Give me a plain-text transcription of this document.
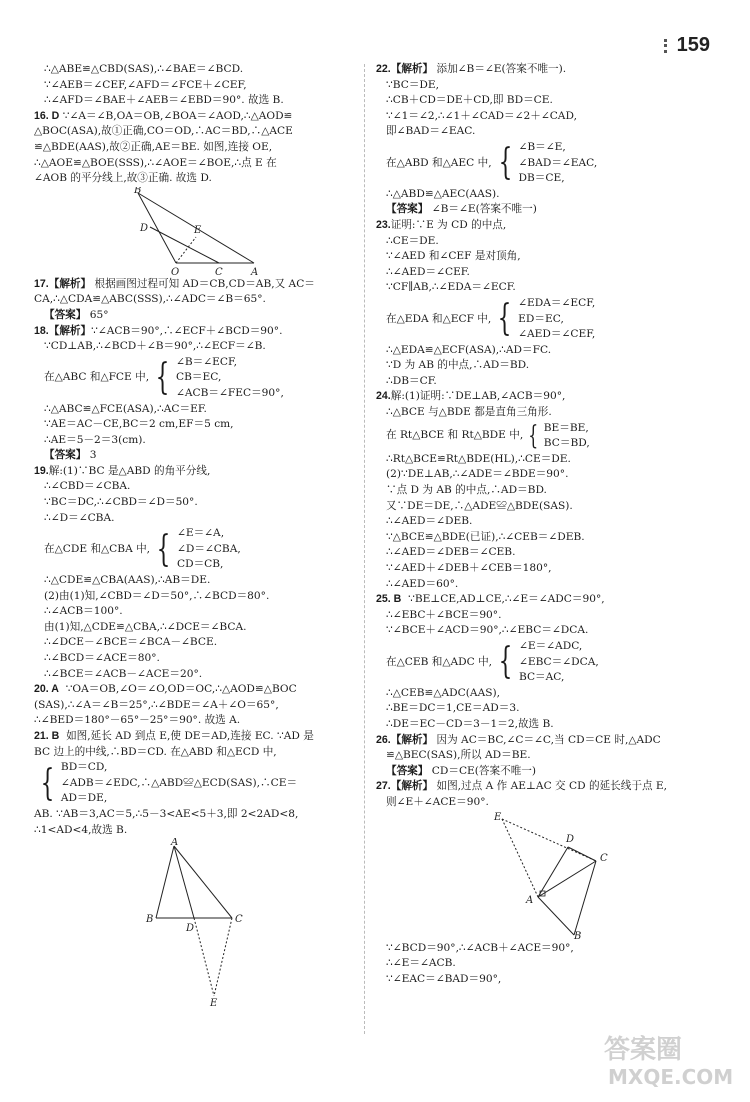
159
∴△ABE≌△CBD(SAS),∴∠BAE＝∠BCD.
∵∠AEB＝∠CEF,∠AFD＝∠FCE＋∠CEF,
∴∠AFD＝∠BAE＋∠AEB＝∠EBD＝90°. 故选 B.
16. D ∵∠A＝∠B,OA＝OB,∠BOA＝∠AOD,∴△AOD≌
△BOC(ASA),故①正确,CO＝OD,∴AC＝BD,∴△ACE
≌△BDE(AAS),故②正确,AE＝BE. 如图,连接 OE,
∴△AOE≌△BOE(SSS),∴∠AOE＝∠BOE,∴点 E 在
∠AOB 的平分线上,故③正确. 故选 D.
B
D	E
O	C	A
17.【解析】 根据画图过程可知 AD＝CB,CD＝AB,又 AC＝
CA,∴△CDA≌△ABC(SSS),∴∠ADC＝∠B＝65°.
【答案】 65°
18.【解析】∵∠ACB＝90°,∴∠ECF＋∠BCD＝90°.
∵CD⊥AB,∴∠BCD＋∠B＝90°,∴∠ECF＝∠B.
在△ABC 和△FCE 中, { ∠B＝∠ECF,
CB＝EC,
∠ACB＝∠FEC＝90°,
∴△ABC≌△FCE(ASA),∴AC＝EF.
∵AE＝AC－CE,BC＝2 cm,EF＝5 cm,
∴AE＝5－2＝3(cm).
【答案】 3
19.解:(1)∵BC 是△ABD 的角平分线,
∴∠CBD＝∠CBA.
∵BC＝DC,∴∠CBD＝∠D＝50°.
∴∠D＝∠CBA.
在△CDE 和△CBA 中, { ∠E＝∠A,
∠D＝∠CBA,
CD＝CB,
∴△CDE≌△CBA(AAS),∴AB＝DE.
(2)由(1)知,∠CBD＝∠D＝50°,∴∠BCD＝80°.
∴∠ACB＝100°.
由(1)知,△CDE≌△CBA,∴∠DCE＝∠BCA.
∴∠DCE－∠BCE＝∠BCA－∠BCE.
∴∠BCD＝∠ACE＝80°.
∴∠BCE＝∠ACB－∠ACE＝20°.
20. A ∵OA＝OB,∠O＝∠O,OD＝OC,∴△AOD≌△BOC
(SAS),∴∠A＝∠B＝25°,∴∠BDE＝∠A＋∠O＝65°,
∴∠BED＝180°－65°－25°＝90°. 故选 A.
21. B 如图,延长 AD 到点 E,使 DE＝AD,连接 EC. ∵AD 是
BC 边上的中线,∴BD＝CD. 在△ABD 和△ECD 中,
{ BD＝CD,
∠ADB＝∠EDC,∴△ABD≌△ECD(SAS),∴CE＝
AD＝DE,
AB. ∵AB＝3,AC＝5,∴5－3<AE<5＋3,即 2<2AD<8,
∴1<AD<4,故选 B.
A
B
D
C
E
22.【解析】 添加∠B＝∠E(答案不唯一).
∵BC＝DE,
∴CB＋CD＝DE＋CD,即 BD＝CE.
∵∠1＝∠2,∴∠1＋∠CAD＝∠2＋∠CAD,
即∠BAD＝∠EAC.
在△ABD 和△AEC 中, { ∠B＝∠E,
∠BAD＝∠EAC,
DB＝CE,
∴△ABD≌△AEC(AAS).
【答案】 ∠B＝∠E(答案不唯一)
23.证明:∵E 为 CD 的中点,
∴CE＝DE.
∵∠AED 和∠CEF 是对顶角,
∴∠AED＝∠CEF.
∵CF∥AB,∴∠EDA＝∠ECF.
在△EDA 和△ECF 中, { ∠EDA＝∠ECF,
ED＝EC,
∠AED＝∠CEF,
∴△EDA≌△ECF(ASA),∴AD＝FC.
∵D 为 AB 的中点,∴AD＝BD.
∴DB＝CF.
24.解:(1)证明:∵DE⊥AB,∠ACB＝90°,
∴△BCE 与△BDE 都是直角三角形.
在 Rt△BCE 和 Rt△BDE 中, { BE＝BE,
BC＝BD,
∴Rt△BCE≌Rt△BDE(HL),∴CE＝DE.
(2)∵DE⊥AB,∴∠ADE＝∠BDE＝90°.
∵点 D 为 AB 的中点,∴AD＝BD.
又∵DE＝DE,∴△ADE≌△BDE(SAS).
∴∠AED＝∠DEB.
∵△BCE≌△BDE(已证),∴∠CEB＝∠DEB.
∴∠AED＝∠DEB＝∠CEB.
∵∠AED＋∠DEB＋∠CEB＝180°,
∴∠AED＝60°.
25. B ∵BE⊥CE,AD⊥CE,∴∠E＝∠ADC＝90°,
∴∠EBC＋∠BCE＝90°.
∵∠BCE＋∠ACD＝90°,∴∠EBC＝∠DCA.
在△CEB 和△ADC 中, { ∠E＝∠ADC,
∠EBC＝∠DCA,
BC＝AC,
∴△CEB≌△ADC(AAS),
∴BE＝DC＝1,CE＝AD＝3.
∴DE＝EC－CD＝3－1＝2,故选 B.
26.【解析】 因为 AC＝BC,∠C＝∠C,当 CD＝CE 时,△ADC
≌△BEC(SAS),所以 AD＝BE.
【答案】 CD＝CE(答案不唯一)
27.【解析】 如图,过点 A 作 AE⊥AC 交 CD 的延长线于点 E,
则∠E＋∠ACE＝90°.
E
D
C
A
B
∵∠BCD＝90°,∴∠ACB＋∠ACE＝90°,
∴∠E＝∠ACB.
∵∠EAC＝∠BAD＝90°,
答案圈
MXQE.COM
